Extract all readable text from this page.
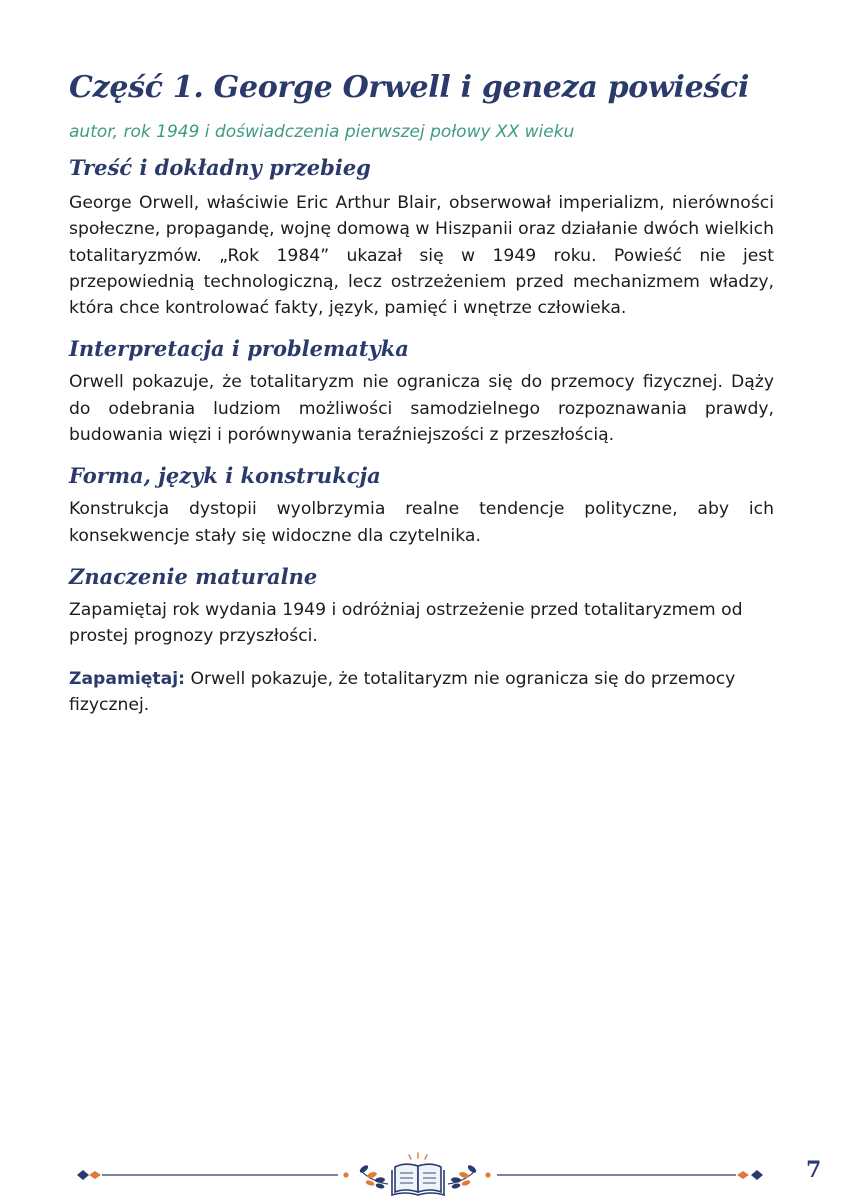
Część 1. George Orwell i geneza powieści

autor, rok 1949 i doświadczenia pierwszej połowy XX wieku

Treść i dokładny przebieg

George Orwell, właściwie Eric Arthur Blair, obserwował imperializm, nierówności społeczne, propagandę, wojnę domową w Hiszpanii oraz działanie dwóch wielkich totalitaryzmów. „Rok 1984” ukazał się w 1949 roku. Powieść nie jest przepowiednią technologiczną, lecz ostrzeżeniem przed mechanizmem władzy, która chce kontrolować fakty, język, pamięć i wnętrze człowieka.

Interpretacja i problematyka

Orwell pokazuje, że totalitaryzm nie ogranicza się do przemocy fizycznej. Dąży do odebrania ludziom możliwości samodzielnego rozpoznawania prawdy, budowania więzi i porównywania teraźniejszości z przeszłością.

Forma, język i konstrukcja

Konstrukcja dystopii wyolbrzymia realne tendencje polityczne, aby ich konsekwencje stały się widoczne dla czytelnika.

Znaczenie maturalne

Zapamiętaj rok wydania 1949 i odróżniaj ostrzeżenie przed totalitaryzmem od prostej prognozy przyszłości.

Zapamiętaj: Orwell pokazuje, że totalitaryzm nie ogranicza się do przemocy fizycznej.

7
